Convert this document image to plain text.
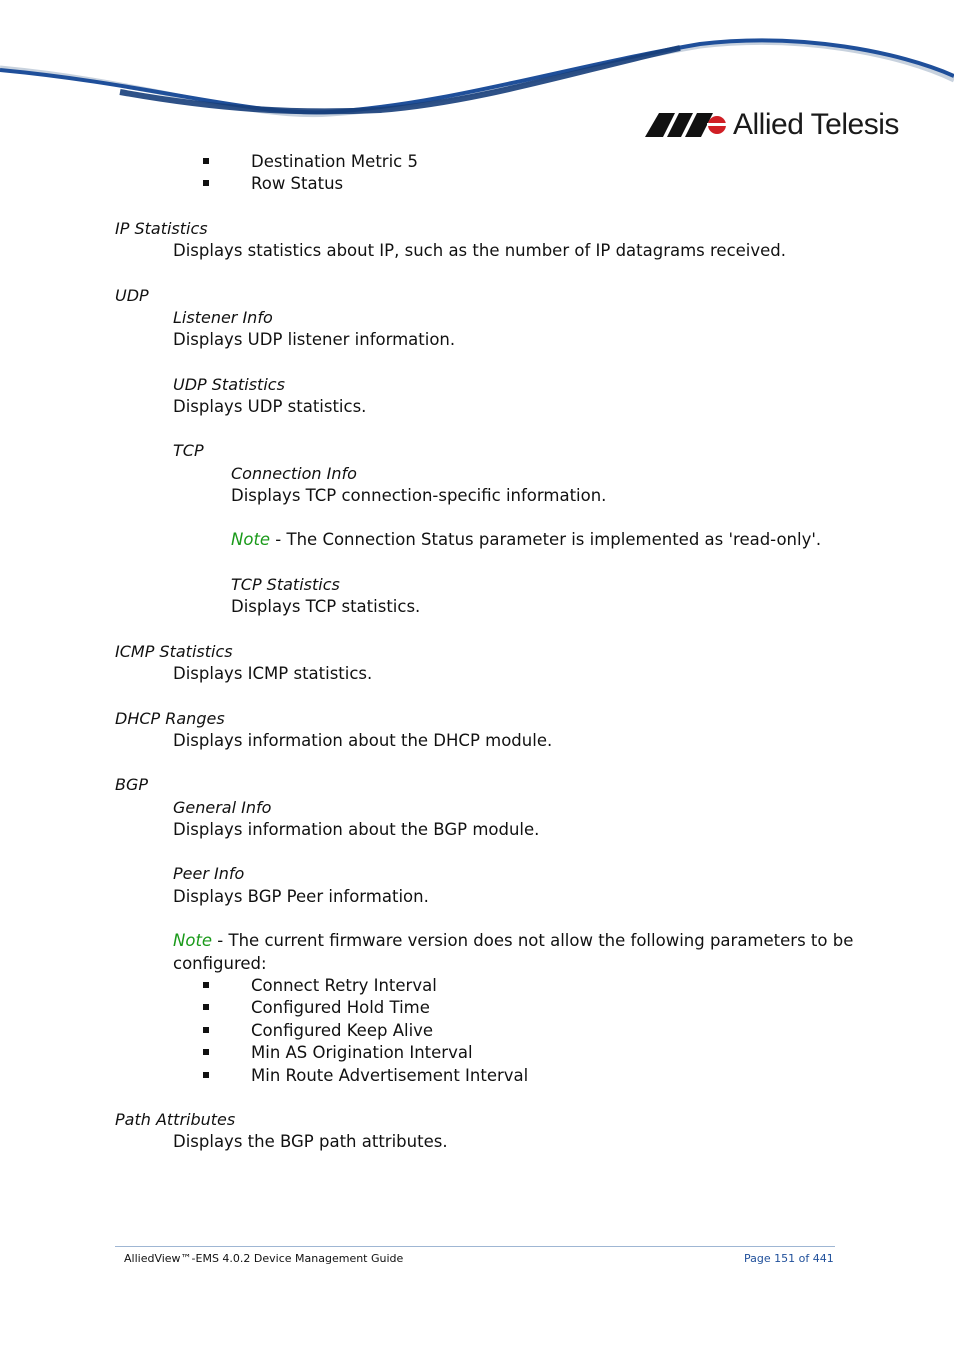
Allied Telesis
Destination Metric 5
Row Status
IP Statistics
Displays statistics about IP, such as the number of IP datagrams received.
UDP
Listener Info
Displays UDP listener information.
UDP Statistics
Displays UDP statistics.
TCP
Connection Info
Displays TCP connection-specific information.
Note - The Connection Status parameter is implemented as 'read-only'.
TCP Statistics
Displays TCP statistics.
ICMP Statistics
Displays ICMP statistics.
DHCP Ranges
Displays information about the DHCP module.
BGP
General Info
Displays information about the BGP module.
Peer Info
Displays BGP Peer information.
Note - The current firmware version does not allow the following parameters to be
configured:
Connect Retry Interval
Configured Hold Time
Configured Keep Alive
Min AS Origination Interval
Min Route Advertisement Interval
Path Attributes
Displays the BGP path attributes.
AlliedView™-EMS 4.0.2 Device Management Guide	Page 151 of 441
